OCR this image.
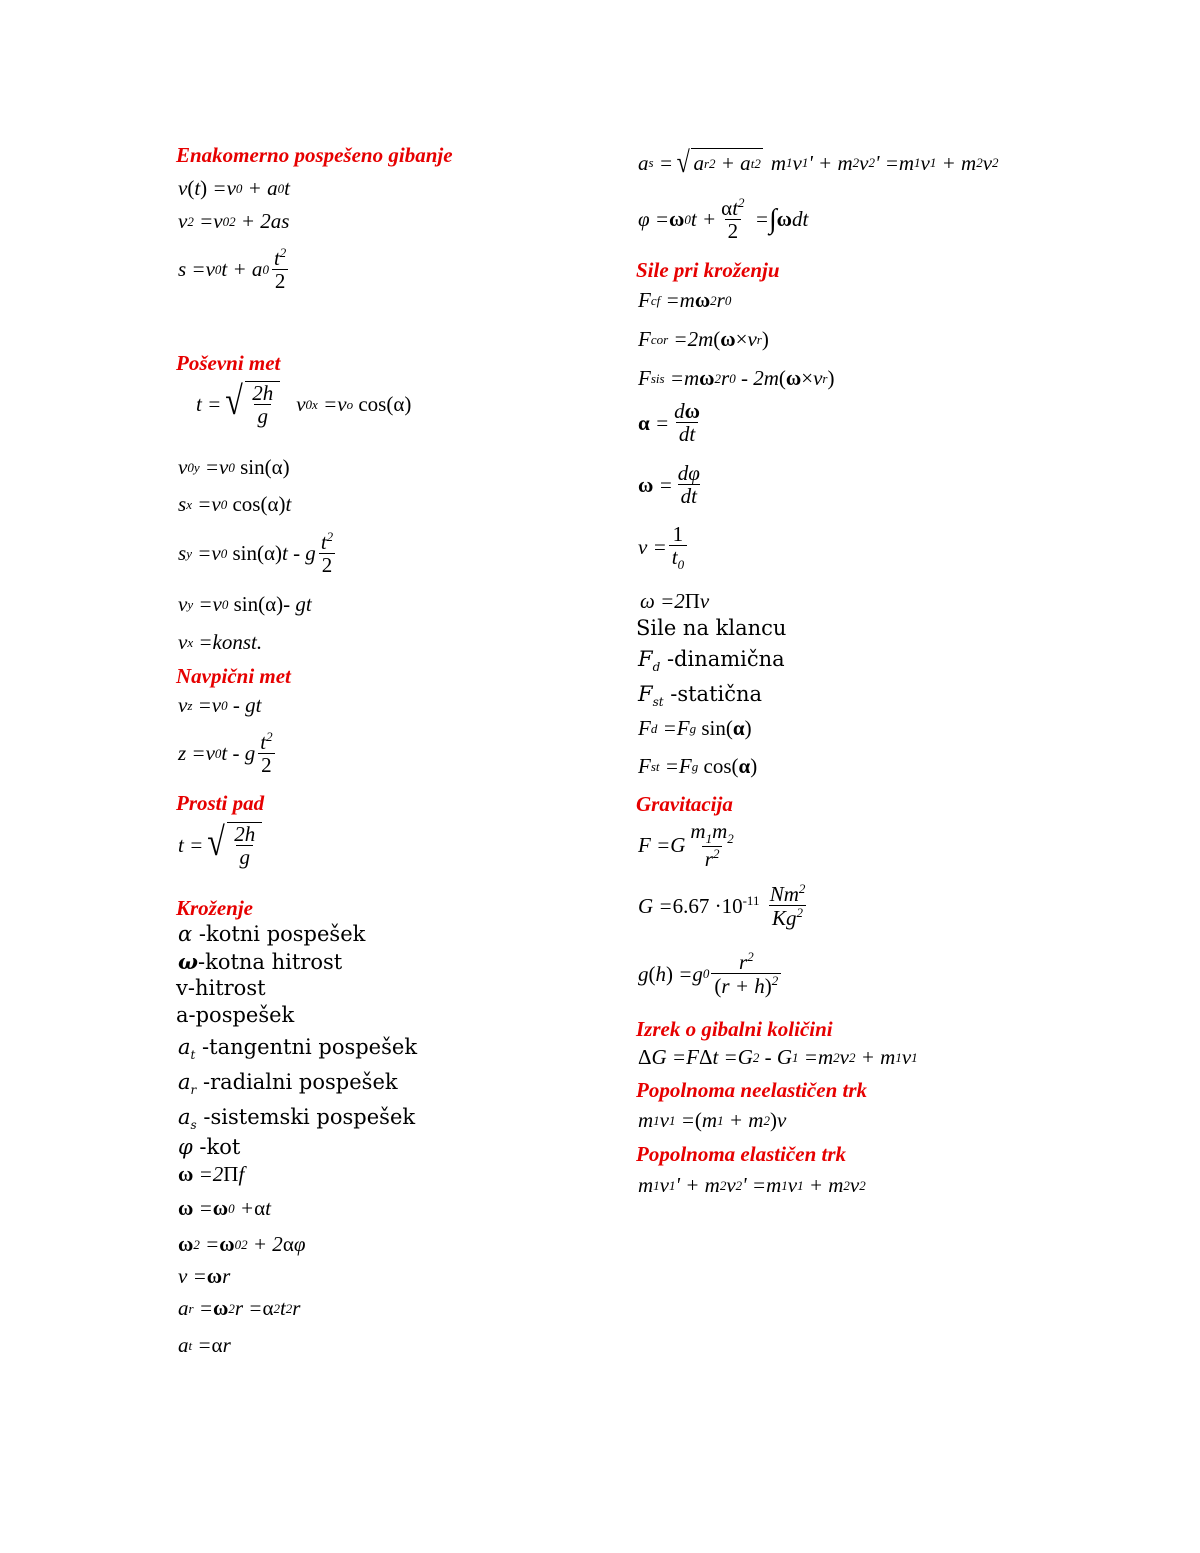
Enakomerno pospešeno gibanje
v ( t ) =v 0 + a 0 t
v 2 =v 0 2 + 2as
s =v 0 t + a $0 \frac{t^2}{2}$
Poševni met
t = √ $\frac{2h}{g}$ v 0x =v o
cos( α )
v 0y =v 0
sin( α )
s x =v 0
cos( α ) t
s y =v 0
sin( α ) t - g $\frac{t^2}{2}$
v y =v 0
sin( α ) - gt
v x =konst.
Navpični met
v z =v 0 - gt
z =v 0 t - g $\frac{t^2}{2}$
Prosti pad
t = √ $\frac{2h}{g}$
Kroženje
α -kotni pospešek
ω-kotna hitrost
v-hitrost
a-pospešek
$a_t$ -tangentni pospešek
$a_r$ -radialni pospešek
$a_s$ -sistemski pospešek
φ -kot
ω =2 Π f
ω = ω 0 + α t
ω 2 = ω 0 2 + 2 α φ
v = ω r
a r = ω 2 r = α 2 t 2 r
a t = α r
a s = √ a r 2 + a t 2 m 1 v 1 ' + m 2 v 2 ' =m 1 v 1 + m 2 v 2
φ = ω 0 $t + \frac{\alpha t^2}{2}$ = ∫ ω dt
Sile pri kroženju
F cf =m ω 2 r 0
F cor =2m ( ω × v r )
F sis =m ω 2 r 0 - 2m ( ω × v r )
$\alpha = \frac{d\omega}{dt}$
$\omega = \frac{d\varphi}{dt}$
$\nu = \frac{1}{t_0}$
ω =2 Π ν
Sile na klancu
$F_d$ -dinamična
$F_{st}$ -statična
F d =F g
sin( α )
F st =F g
cos( α )
Gravitacija
$F =G \frac{m_1m_2}{r^2}$
$G = 6.67 \cdot 10^{-11}$
$\frac{Nm^2}{Kg^2}$
g ( h ) =g $0 \frac{r^2}{(r + h)^2}$
Izrek o gibalni količini
Δ G =F Δ t =G 2 - G 1 =m 2 v 2 + m 1 v 1
Popolnoma neelastičen trk
m 1 v 1 = ( m 1 + m 2 ) v
Popolnoma elastičen trk
m 1 v 1 ' + m 2 v 2 ' =m 1 v 1 + m 2 v 2
